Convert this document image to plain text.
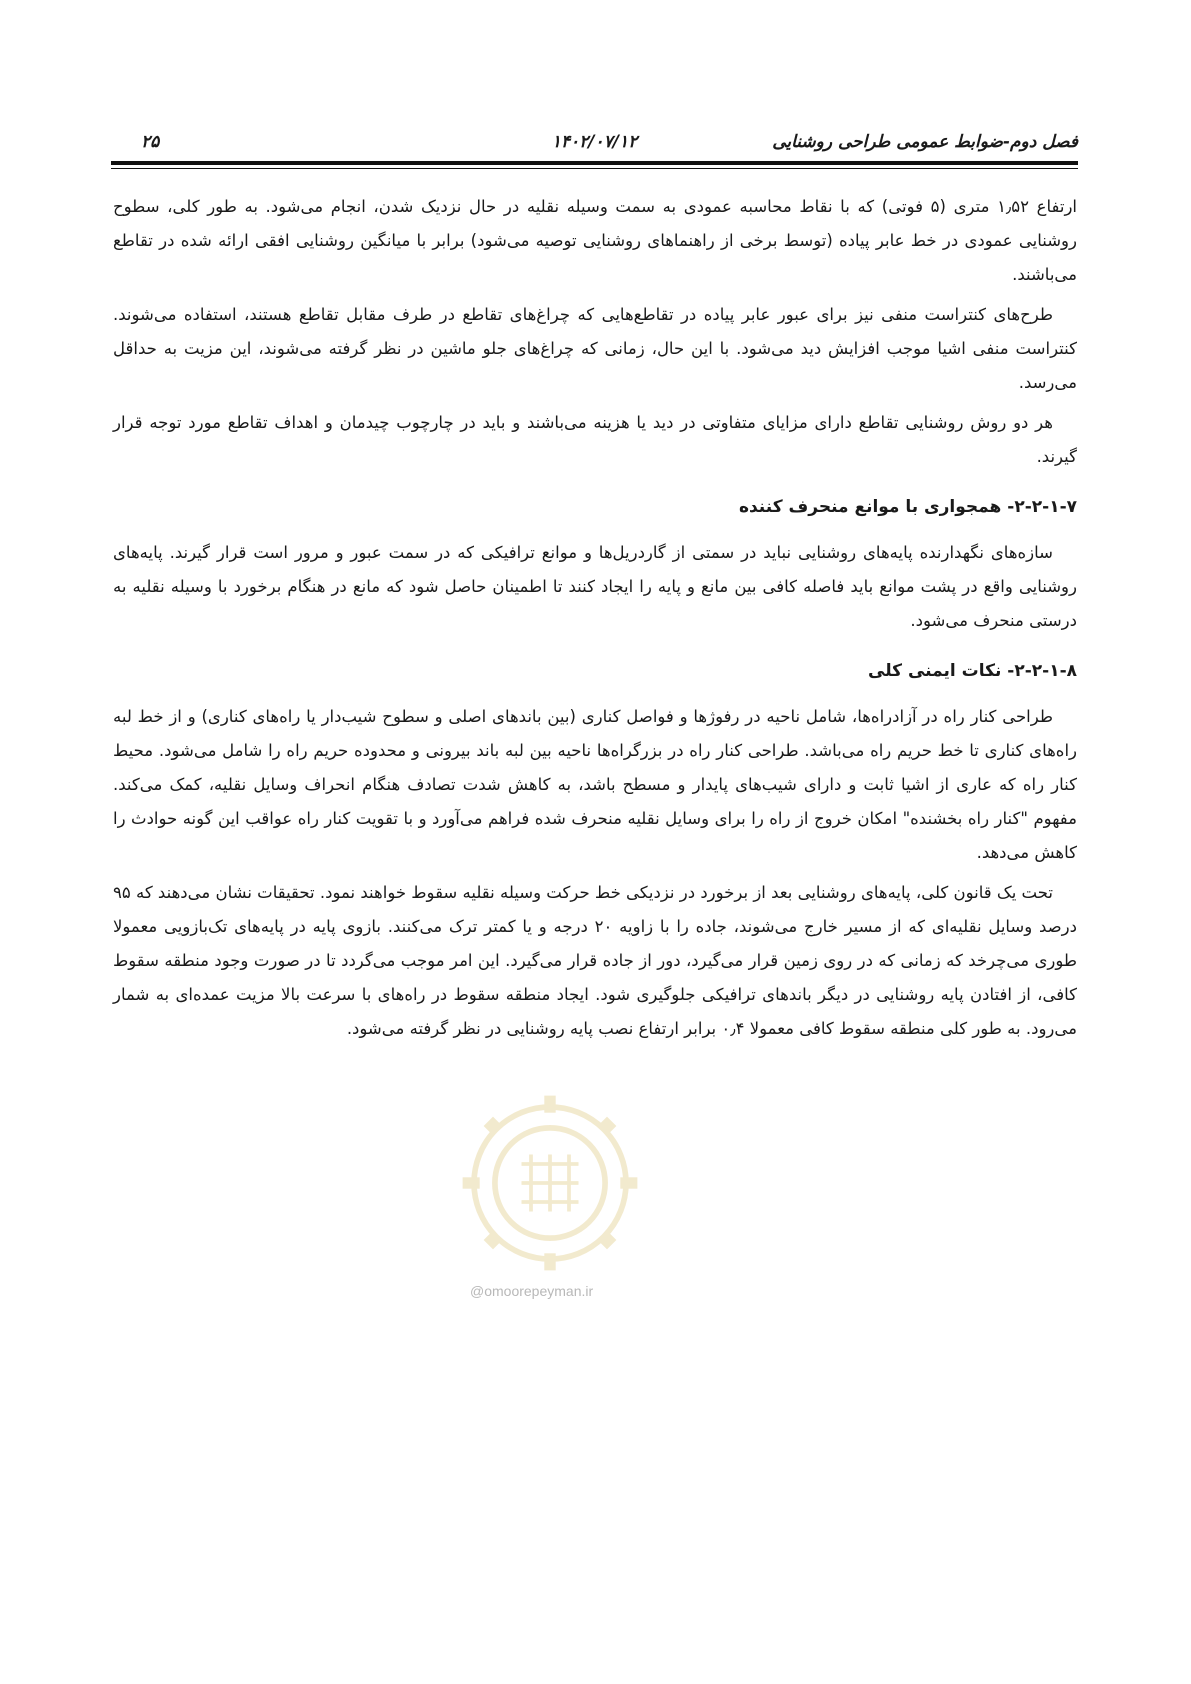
فصل دوم-ضوابط عمومی طراحی روشنایی
۱۴۰۲/۰۷/۱۲
۲۵

ارتفاع ۱٫۵۲ متری (۵ فوتی) که با نقاط محاسبه عمودی به سمت وسیله نقلیه در حال نزدیک شدن، انجام می‌شود. به طور کلی، سطوح روشنایی عمودی در خط عابر پیاده (توسط برخی از راهنماهای روشنایی توصیه می‌شود) برابر با میانگین روشنایی افقی ارائه شده در تقاطع می‌باشند.

طرح‌های کنتراست منفی نیز برای عبور عابر پیاده در تقاطع‌هایی که چراغ‌های تقاطع در طرف مقابل تقاطع هستند، استفاده می‌شوند. کنتراست منفی اشیا موجب افزایش دید می‌شود. با این حال، زمانی که چراغ‌های جلو ماشین در نظر گرفته می‌شوند، این مزیت به حداقل می‌رسد.

هر دو روش روشنایی تقاطع دارای مزایای متفاوتی در دید یا هزینه می‌باشند و باید در چارچوب چیدمان و اهداف تقاطع مورد توجه قرار گیرند.

۲-۲-۱-۷- همجواری با موانع منحرف کننده

سازه‌های نگهدارنده پایه‌های روشنایی نباید در سمتی از گاردریل‌ها و موانع ترافیکی که در سمت عبور و مرور است قرار گیرند. پایه‌های روشنایی واقع در پشت موانع باید فاصله کافی بین مانع و پایه را ایجاد کنند تا اطمینان حاصل شود که مانع در هنگام برخورد با وسیله نقلیه به درستی منحرف می‌شود.

۲-۲-۱-۸- نکات ایمنی کلی

طراحی کنار راه در آزادراه‌ها، شامل ناحیه در رفوژها و فواصل کناری (بین باندهای اصلی و سطوح شیب‌دار یا راه‌های کناری) و از خط لبه راه‌های کناری تا خط حریم راه می‌باشد. طراحی کنار راه در بزرگراه‌ها ناحیه بین لبه باند بیرونی و محدوده حریم راه را شامل می‌شود. محیط کنار راه که عاری از اشیا ثابت و دارای شیب‌های پایدار و مسطح باشد، به کاهش شدت تصادف هنگام انحراف وسایل نقلیه، کمک می‌کند. مفهوم "کنار راه بخشنده" امکان خروج از راه را برای وسایل نقلیه منحرف شده فراهم می‌آورد و با تقویت کنار راه عواقب این گونه حوادث را کاهش می‌دهد.

تحت یک قانون کلی، پایه‌های روشنایی بعد از برخورد در نزدیکی خط حرکت وسیله نقلیه سقوط خواهند نمود. تحقیقات نشان می‌دهند که ۹۵ درصد وسایل نقلیه‌ای که از مسیر خارج می‌شوند، جاده را با زاویه ۲۰ درجه و یا کمتر ترک می‌کنند. بازوی پایه در پایه‌های تک‌بازویی معمولا طوری می‌چرخد که زمانی که در روی زمین قرار می‌گیرد، دور از جاده قرار می‌گیرد. این امر موجب می‌گردد تا در صورت وجود منطقه سقوط کافی، از افتادن پایه روشنایی در دیگر باندهای ترافیکی جلوگیری شود. ایجاد منطقه سقوط در راه‌های با سرعت بالا مزیت عمده‌ای به شمار می‌رود. به طور کلی منطقه سقوط کافی معمولا ۰٫۴ برابر ارتفاع نصب پایه روشنایی در نظر گرفته می‌شود.

@omoorepeyman.ir
